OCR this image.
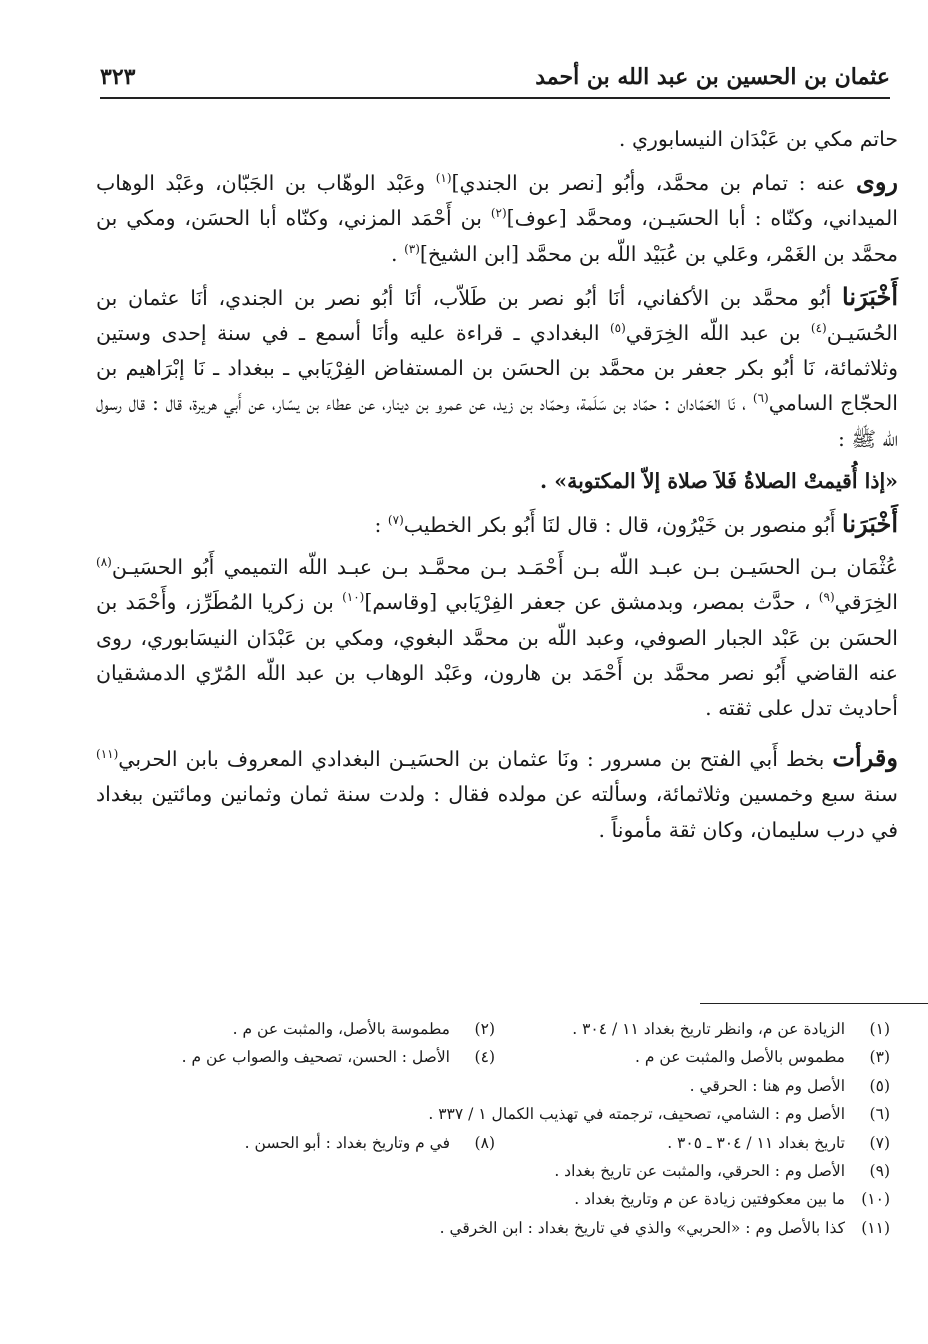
عثمان بن الحسين بن عبد الله بن أحمد
٣٢٣

حاتم مكي بن عَبْدَان النيسابوري .

روى عنه : تمام بن محمَّد، وأبُو [نصر بن الجندي]$^{(١)}$ وعَبْد الوهّاب بن الجَبّان، وعَبْد الوهاب الميداني، وكنّاه : أبا الحسَيـن، ومحمَّد [عوف]$^{(٢)}$ بن أَحْمَد المزني، وكنّاه أبا الحسَن، ومكي بن محمَّد بن الغَمْر، وعَلي بن عُبَيْد اللّه بن محمَّد [ابن الشيخ]$^{(٣)}$ .

أَخْبَرَنا أبُو محمَّد بن الأكفاني، أنَا أبُو نصر بن طَلاّب، أنَا أبُو نصر بن الجندي، أنَا عثمان بن الحُسَيـن$^{(٤)}$ بن عبد اللّه الخِرَقي$^{(٥)}$ البغدادي ـ قراءة عليه وأنَا أسمع ـ في سنة إحدى وستين وثلاثمائة، نَا أبُو بكر جعفر بن محمَّد بن الحسَن بن المستفاض الفِرْيَابي ـ ببغداد ـ نَا إبْرَاهيم بن الحجّاج السامي$^{(٦)}$ ، نَا الحَمّادان : حمّاد بن سَلَمة، وحمّاد بن زيد، عن عمرو بن دينار، عن عطاء بن يسّار، عن أَبي هريرة، قال : قال رسول اللّه ﷺ :

«إذا أُقيمتْ الصلاةُ فَلاَ صلاة إلاّ المكتوبة» .

أَخْبَرَنا أَبُو منصور بن خَيْرُون، قال : قال لنَا أَبُو بكر الخطيب$^{(٧)}$ :

عُثْمَان بـن الحسَيـن بـن عبـد اللّه بـن أَحْمَـد بـن محمَّـد بـن عبـد اللّه التميمي أَبُو الحسَيـن$^{(٨)}$ الخِرَقي$^{(٩)}$ ، حدَّث بمصر، وبدمشق عن جعفر الفِرْيَابي [وقاسم]$^{(١٠)}$ بن زكريا المُطَرِّز، وأَحْمَد بن الحسَن بن عَبْد الجبار الصوفي، وعبد اللّه بن محمَّد البغوي، ومكي بن عَبْدَان النيسَابوري، روى عنه القاضي أَبُو نصر محمَّد بن أَحْمَد بن هارون، وعَبْد الوهاب بن عبد اللّه المُرّي الدمشقيان أحاديث تدل على ثقته .

وقرأت بخط أَبي الفتح بن مسرور : ونَا عثمان بن الحسَيـن البغدادي المعروف بابن الحربي$^{(١١)}$ سنة سبع وخمسين وثلاثمائة، وسألته عن مولده فقال : ولدت سنة ثمان وثمانين ومائتين ببغداد في درب سليمان، وكان ثقة مأموناً .

(١)الزيادة عن م، وانظر تاريخ بغداد ١١ / ٣٠٤ .
(٢)مطموسة بالأصل، والمثبت عن م .
(٣)مطموس بالأصل والمثبت عن م .
(٤)الأصل : الحسن، تصحيف والصواب عن م .
(٥)الأصل وم هنا : الحرقي .
(٦)الأصل وم : الشامي، تصحيف، ترجمته في تهذيب الكمال ١ / ٣٣٧ .
(٧)تاريخ بغداد ١١ / ٣٠٤ ـ ٣٠٥ .
(٨)في م وتاريخ بغداد : أبو الحسن .
(٩)الأصل وم : الحرقي، والمثبت عن تاريخ بغداد .
(١٠)ما بين معكوفتين زيادة عن م وتاريخ بغداد .
(١١)كذا بالأصل وم : «الحربي» والذي في تاريخ بغداد : ابن الخرقي .
